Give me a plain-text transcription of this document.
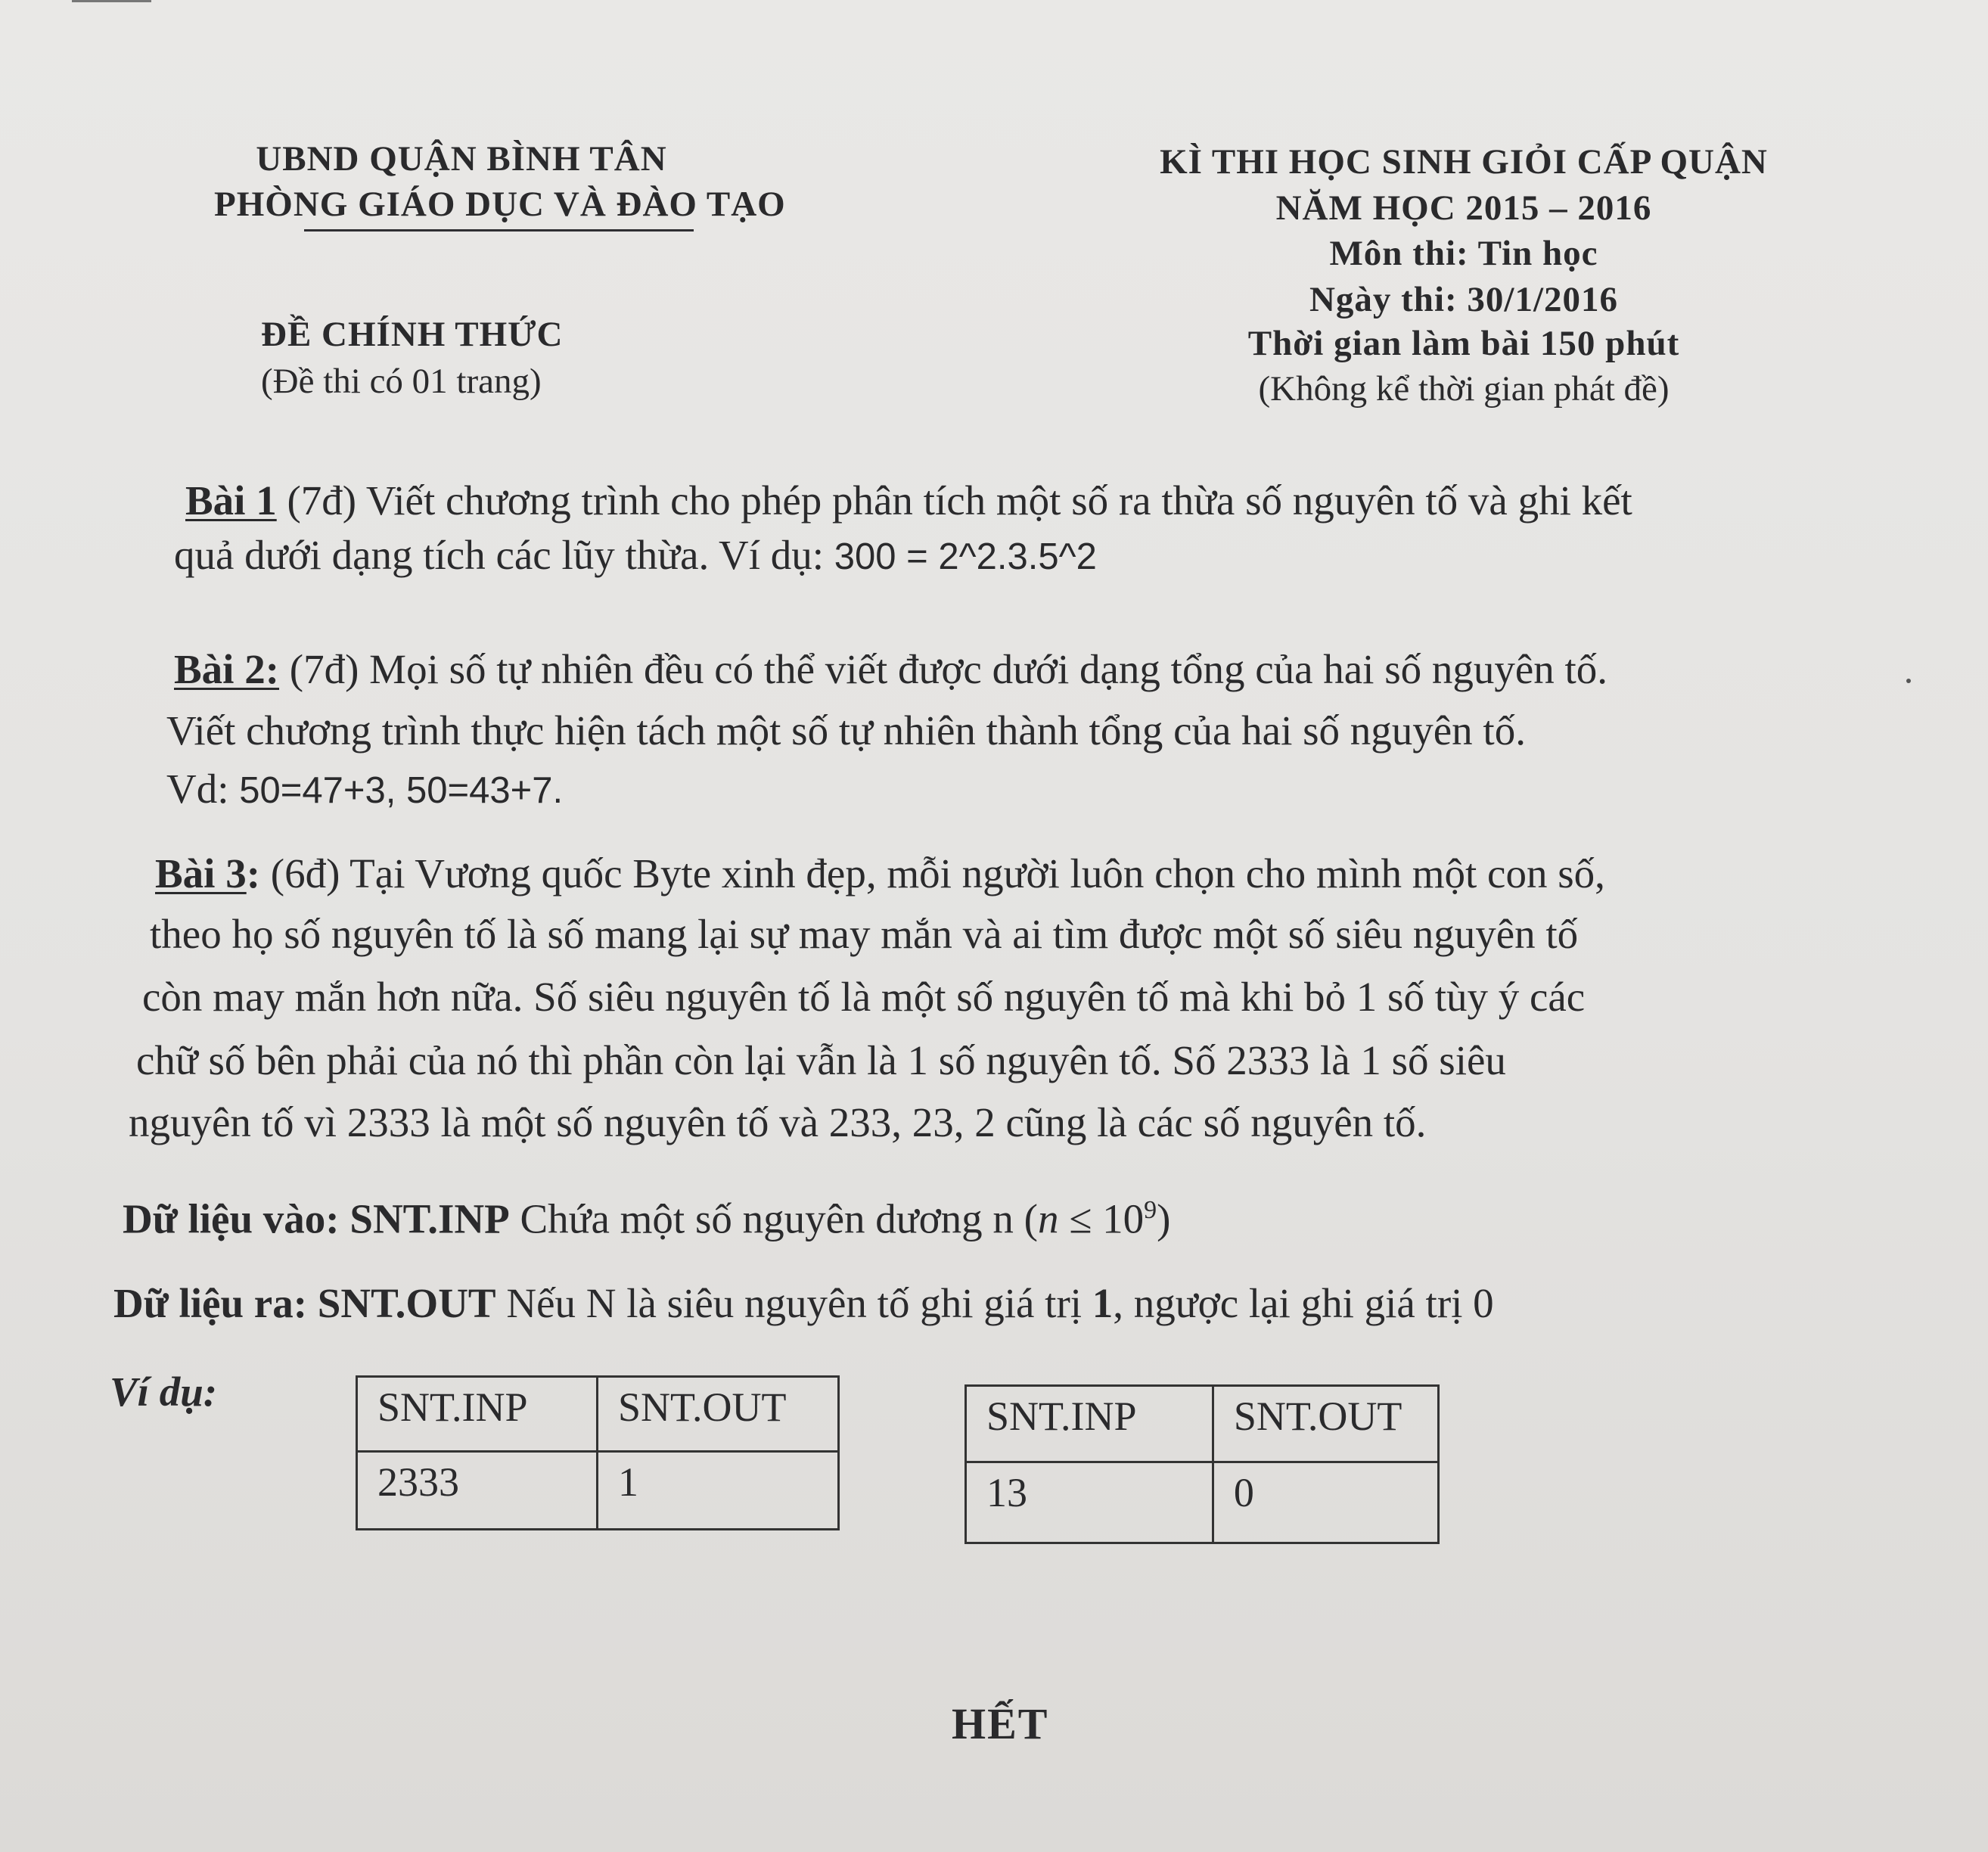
UBND QUẬN BÌNH TÂN
PHÒNG GIÁO DỤC VÀ ĐÀO TẠO
ĐỀ CHÍNH THỨC
(Đề thi có 01 trang)
KÌ THI HỌC SINH GIỎI CẤP QUẬN
NĂM HỌC 2015 – 2016
Môn thi: Tin học
Ngày thi: 30/1/2016
Thời gian làm bài 150 phút
(Không kể thời gian phát đề)
Bài 1 (7đ) Viết chương trình cho phép phân tích một số ra thừa số nguyên tố và ghi kết
quả dưới dạng tích các lũy thừa. Ví dụ: 300 = 2^2.3.5^2
Bài 2: (7đ) Mọi số tự nhiên đều có thể viết được dưới dạng tổng của hai số nguyên tố.
Viết chương trình thực hiện tách một số tự nhiên thành tổng của hai số nguyên tố.
Vd: 50=47+3, 50=43+7.
Bài 3: (6đ) Tại Vương quốc Byte xinh đẹp, mỗi người luôn chọn cho mình một con số,
theo họ số nguyên tố là số mang lại sự may mắn và ai tìm được một số siêu nguyên tố
còn may mắn hơn nữa. Số siêu nguyên tố là một số nguyên tố mà khi bỏ 1 số tùy ý các
chữ số bên phải của nó thì phần còn lại vẫn là 1 số nguyên tố. Số 2333 là 1 số siêu
nguyên tố vì 2333 là một số nguyên tố và 233, 23, 2 cũng là các số nguyên tố.
Dữ liệu vào: SNT.INP Chứa một số nguyên dương n $(n \le 10^9)$
Dữ liệu ra: SNT.OUT Nếu N là siêu nguyên tố ghi giá trị 1, ngược lại ghi giá trị 0
Ví dụ:	SNT.INP	SNT.OUT
2333	1
SNT.INP	SNT.OUT
13	0
HẾT
